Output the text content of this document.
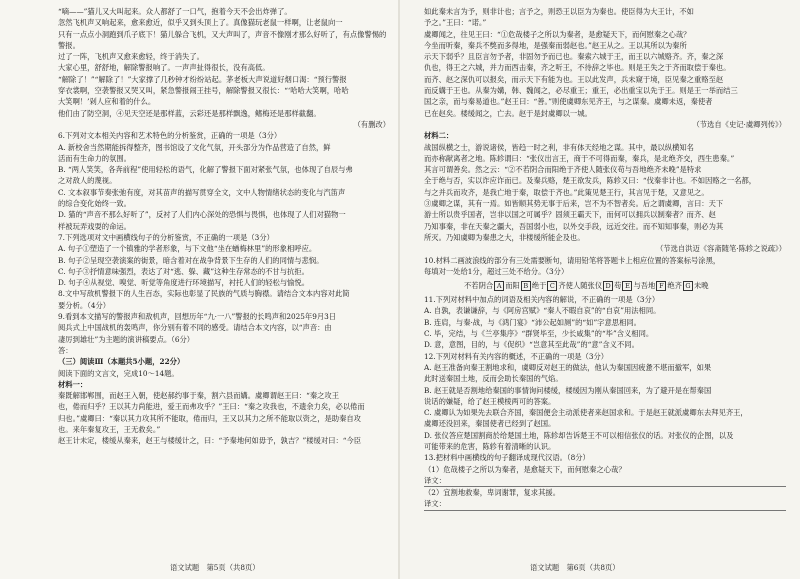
“嘀——”猫儿又大叫起来。众人都舒了一口气，抱着今天不会出炸弹了。

忽然飞机声又响起来，愈来愈近，似乎又到头顶上了。真像猫玩老鼠一样啊，让老鼠向一

只有一点点小洞跑到爪子底下！猫儿躲合飞机，又大声叫了，声音不像刚才那么好听了，有点像警惕的

警报。

过了一阵，飞机声又愈来愈轻，终于消失了。

大家心里，舒舒地，解除警报响了。一声声扯得很长，没有高低。

“解除了！”“解除了！”大家撑了几秒钟才纷纷站起。茅老板大声说道好烟口渴：“预行警报

穿衣裳啊，空袭警报又哭又叫，紧急警报闹王挂号，解除警报又很长：“‘哈哈大笑啊，哈哈

大笑啊！’剁人应和着的什么。

他们由了防空洞，④见天空还是那样蓝，云彩还是那样飘逸，鳍梅还是那样截翻。

（有删改）

6.下列对文本相关内容和艺术特色的分析鉴赏，正确的一项是（3分）

A. 新校舍当然期能拆得整齐，图书馆设了文化气氛，开头部分为作品营造了自然，鲜

活而有生命力的氛围。

B. “两人笑笑，各奔前程”使用轻松的语气，化解了警报下面对紧张气氛，也体现了自辰与弗

之对敌人的蔑视。

C. 文本叙事节奏张弛有度，对其苗声的描写贯穿全文，文中人物情绪状态的变化与汽笛声

的综合变化始终一致。

D. 猫的“声音不那么好听了”，反衬了人们内心深处的恐惧与畏惧，也体现了人们对猫物一

样被玩弄戏耍的命运。

7.下列选项对文中画横线句子的分析鉴赏，不正确的一项是（3分）

A. 句子①塑造了一个镇雅的学者形象，与下文他“坐在蝤梅林里”的形象相呼应。

B. 句子②呈现空袭演案的街景，暗含着对在战争背景下生存的人们的同情与悲悯。

C. 句子③抒情意味强烈，表达了对“逃、躲、藏”这种生存常态的不甘与抗拒。

D. 句子④从视觉、嗅觉、听觉等角度进行环境描写，衬托人们的轻松与愉悦。

8.文中写敌机警报下的人生百态，实际也彰显了民族的气质与胸襟。请结合文本内容对此简

要分析。（4分）

9.看到本文描写的警报声和敌机声，回想历年“九·一八”警报的长鸣声和2025年9月3日

阅兵式上中国战机的轰鸣声，你分别有着不同的感受。请结合本文内容，以“声音：由

凄厉到雄壮”为主题的演讲稿要点。（6分）

答：

（三）阅读Ⅲ（本题共5小题，22分）

阅读下面的文言文，完成10～14题。

材料一：

秦既解邯郸围，而赵王入朝，使赵郝约事于秦，割六县而媾。虞卿谓赵王曰：“秦之攻王

也，倦而归乎？王以其力尚能进，爱王而弗攻乎？”王曰：“秦之攻我也，不遗余力矣，必以倦而

归也。”虞卿曰：“秦以其力攻其所不能取，倦而归，王又以其力之所不能取以资之，是助秦自攻

也。来年秦复攻王，王无救矣。”

赵王计未定，楼缓从秦来，赵王与楼缓计之，曰：“予秦地何如毋予，孰吉？”楼缓对曰：“今臣

如此秦未言为予，则非计也；言予之，则恐王以臣为为秦也。使臣得为大王计，不如

予之。”王曰：“诺。”

虞卿闻之，往见王曰：“①危哉楼子之所以为秦者，是愈疑天下，而何慰秦之心哉？

今坐而听秦，秦兵不獘而多得地，是强秦而弱赵也。”赵王从之。王以其所以为秦所

示天下弱乎？且臣言勿予者，非固勿予而已也。秦索六城于王，而王以六城赂齐。齐，秦之深

仇也，得王之六城，并力而西击秦，齐之听王，不待辞之毕也。则是王失之于齐而取偿于秦也。

而齐、赵之深仇可以报矣，而示天下有能为也。王以此发声，兵未窥于境，臣见秦之重赂至赵

而反媾于王也。从秦为媾，韩、魏闻之，必尽重王；重王，必出重宝以先于王。则是王一举而结三

国之亲，而与秦易道也。”赵王曰：“善。”则使虞卿东见齐王，与之谋秦。虞卿未返，秦使者

已在赵矣。楼缓闻之，亡去。赵于是封虞卿以一城。

（节选自《史记·虞卿列传》）

材料二：

战国纵横之士，游说诸侯，皆趋一时之利，非有体天经地之谋。其中，最以纵横知名

而亦称献离者之地。陈轸谓曰：“张仪出言王，商于不可得而秦，秦兵，是北绝齐交，西生患秦。”

其言可谓善矣。然之云：“②不若阴合而阳绝于齐使人随张仪苟与吾地绝齐未晚”是特求

全于绝与否，实以诈应诈而已。及秦兵赂，楚王欲发兵，陈轸又曰：“伐秦非计也。不如因赂之一名都，

与之并兵而攻齐，是我亡地于秦，取偿于齐也。”此策见楚王行，其言见于楚，又意见之。

③虞卿之谋，其有一焉。如皆顺其势无事于后来，岂不为不智者矣。后之谓虞卿，言曰：天下

游士所以贵乎国者，岂非以国之可属乎？固须王霸天下，而何可以拥兵以制秦者？而齐、赵

乃知事秦，非在天秦之疆大，吾国弱小也，以外交手段，远近交往。而不知知事秦，则必为其

所灭。乃知虞卿为秦患之大，非楼缓所能企及也。

（节选自洪迈《容斋随笔·陈轸之说疏》）

10.材料二画波浪线的部分有三处需要断句，请用铅笔将答题卡上相应位置的答案标号涂黑，

每填对一处给1分，超过三处不给分。（3分）

不若阴合 A 而阳 B 绝于 C 齐使人随张仪 D 苟 E 与吾地 F 绝齐 G 未晚

11.下列对材料中加点的词语及相关内容的解说，不正确的一项是（3分）

A. 自孰，表谦谦辞，与《阿房宫赋》“秦人不暇自哀”的“自哀”用法相同。

B. 连肩，与秦·战，与《鸿门宴》“沛公起如厕”的“如”字意思相同。

C. 毕，完结，与《兰亭集序》“群贤毕至，少长咸集”的“毕”含义相同。

D. 意，意图，目的，与《促织》“岂意其至此哉”的“意”含义不同。

12.下列对材料有关内容的概述，不正确的一项是（3分）

A. 赵王准备向秦王割地求和，虞卿反对赵王的做法，他认为秦国因疲惫不堪而撤军，如果

此时送秦国土地，反而会助长秦国的气焰。

B. 赵王就是否割地给秦国的事情询问楼缓，楼缓因为刚从秦国回来，为了避开是在帮秦国

说话的嫌疑，给了赵王模棱两可的答案。

C. 虞卿认为如果先去联合齐国，秦国便会主动派使者来赵国求和。于是赵王就派虞卿东去拜见齐王，

虞卿还没回来，秦国使者已经到了赵国。

D. 张仪答应楚国割商於给楚国土地，陈轸却告诉楚王不可以相信张仪的话。对张仪的企图，以及

可能带来的危害，陈轸有着清晰的认识。

13.把材料中画横线的句子翻译成现代汉语。（8分）

（1）危哉楼子之所以为秦者，是愈疑天下，而何慰秦之心哉？

译文：

（2）宜割地救秦，卑词谢罪，复求其援。

译文：

语文试题　第5页（共8页）	语文试题　第6页（共8页）
